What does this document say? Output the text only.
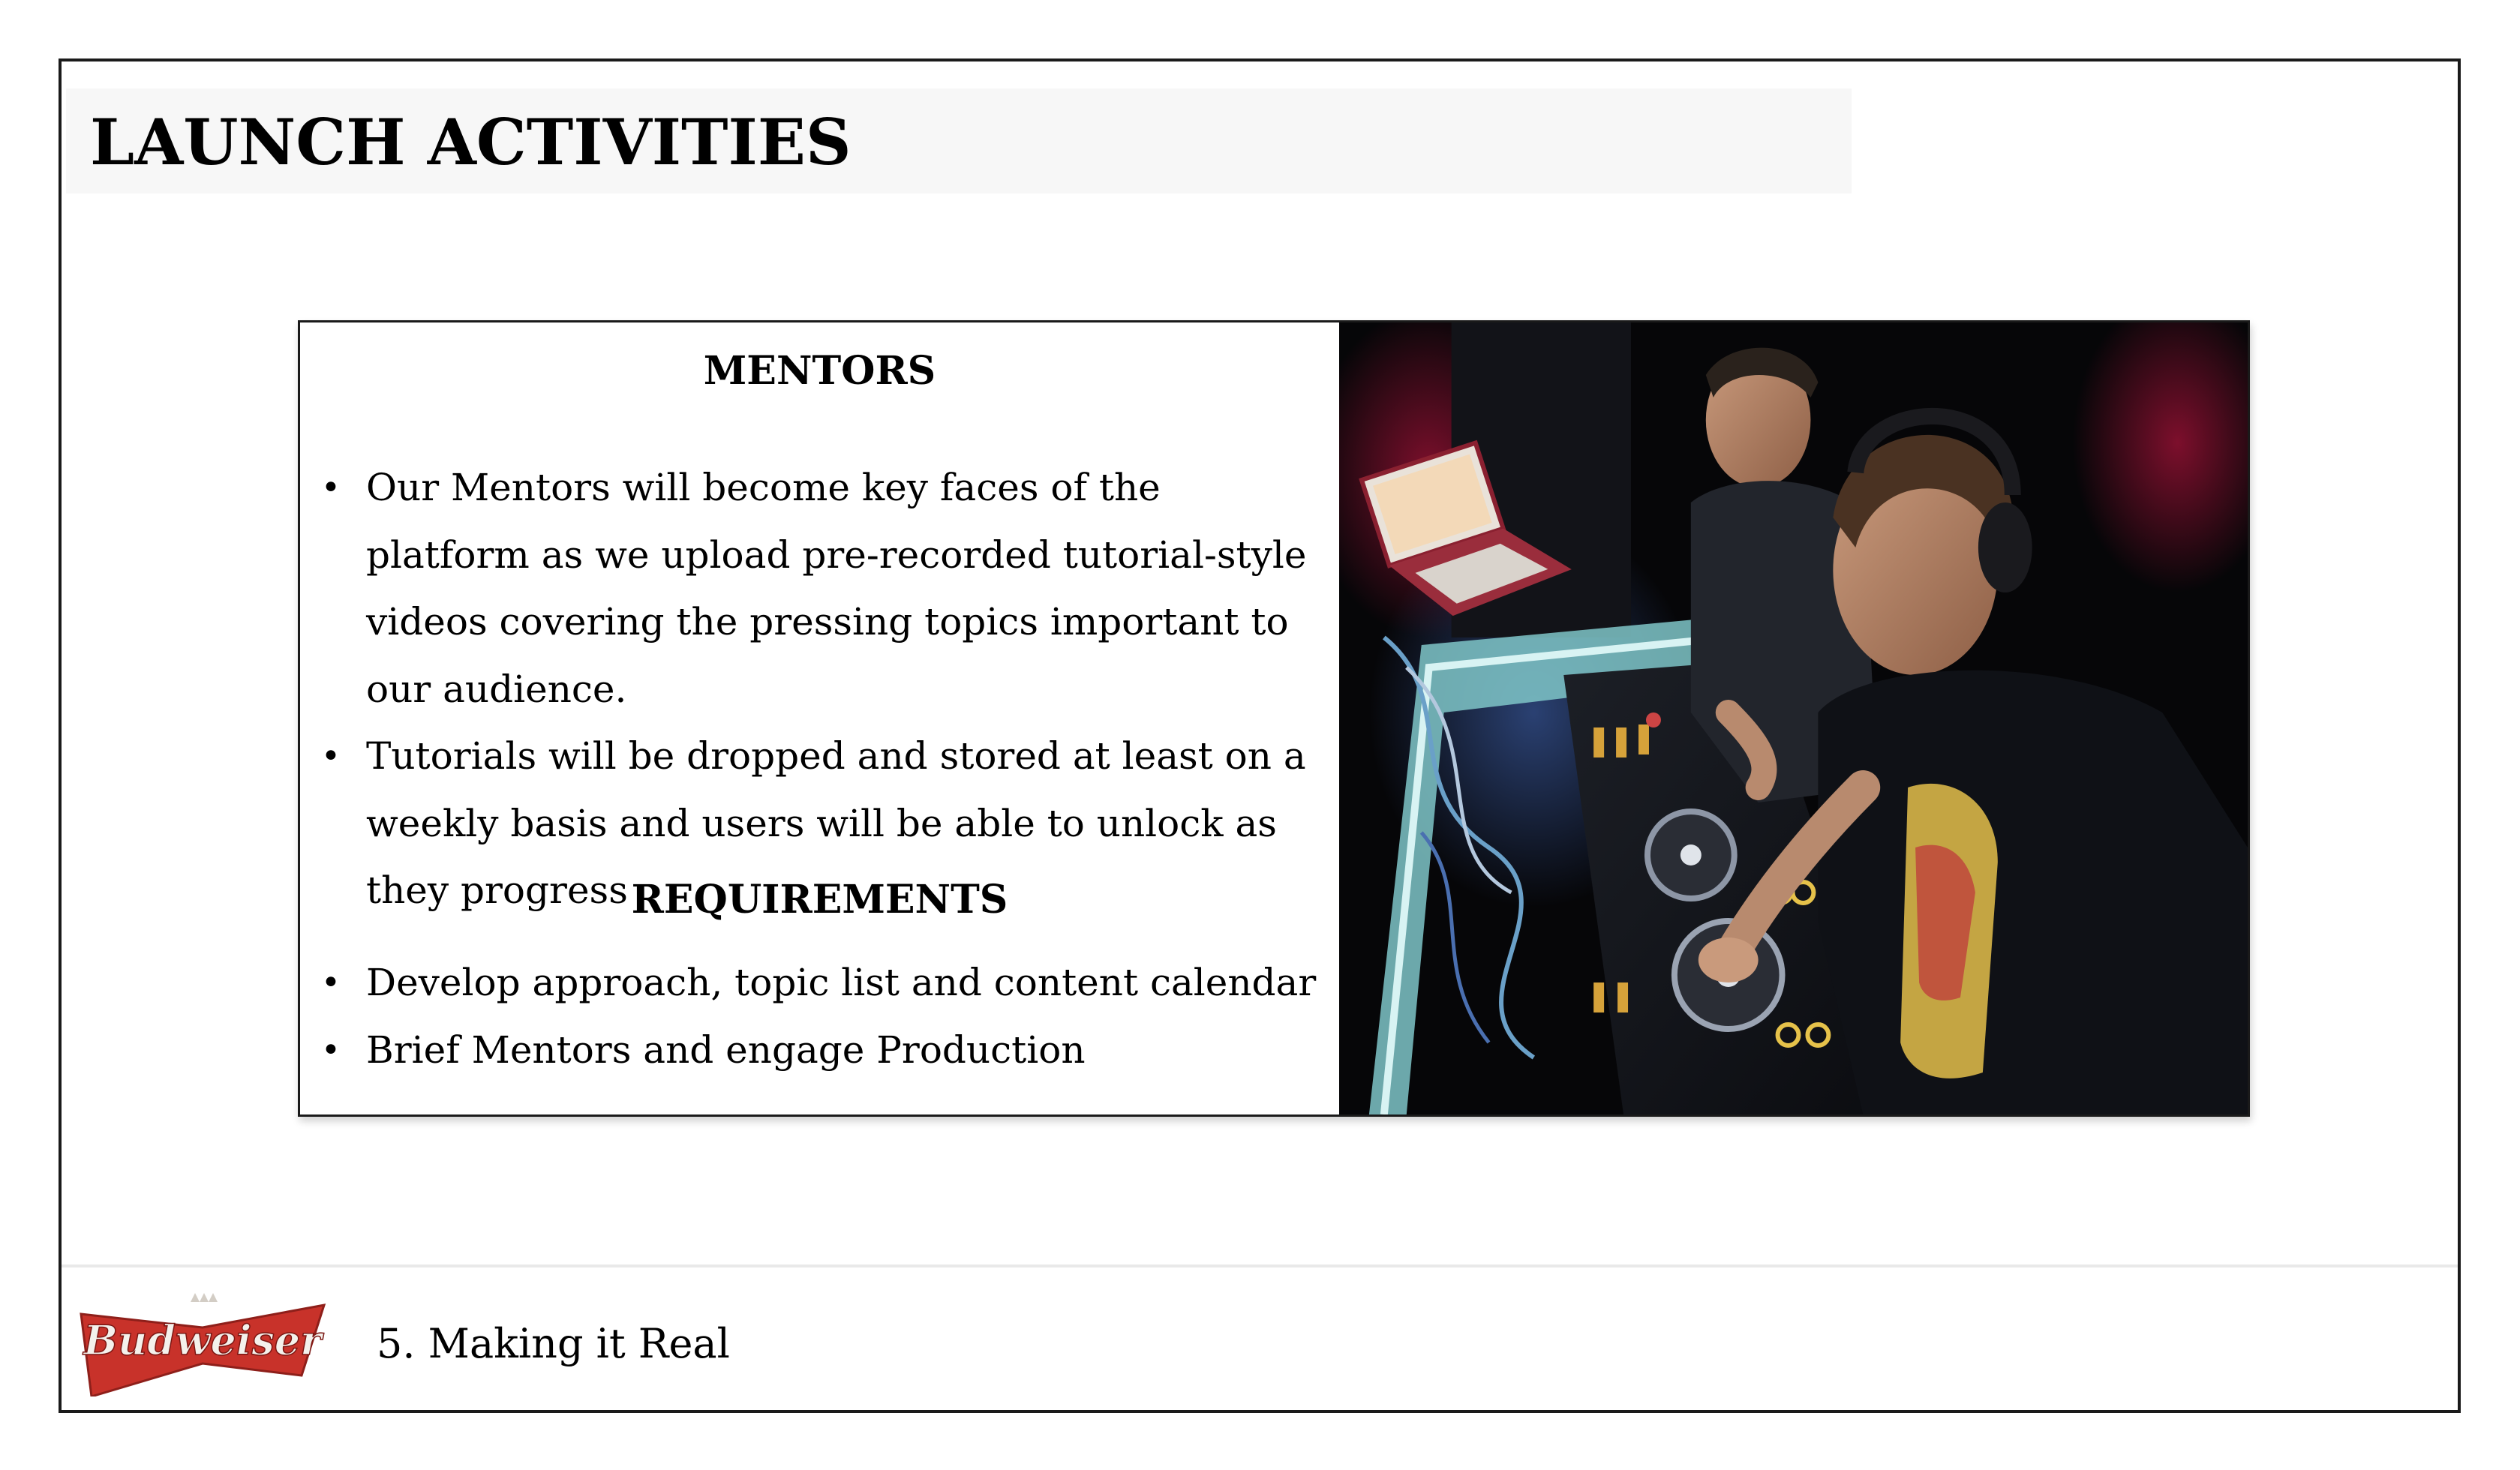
LAUNCH ACTIVITIES
MENTORS
• Our Mentors will become key faces of the platform as we upload pre-recorded tutorial-style videos covering the pressing topics important to our audience.
• Tutorials will be dropped and stored at least on a weekly basis and users will be able to unlock as they progress REQUIREMENTS
• Develop approach, topic list and content calendar
• Brief Mentors and engage Production
Budweiser 5. Making it Real
